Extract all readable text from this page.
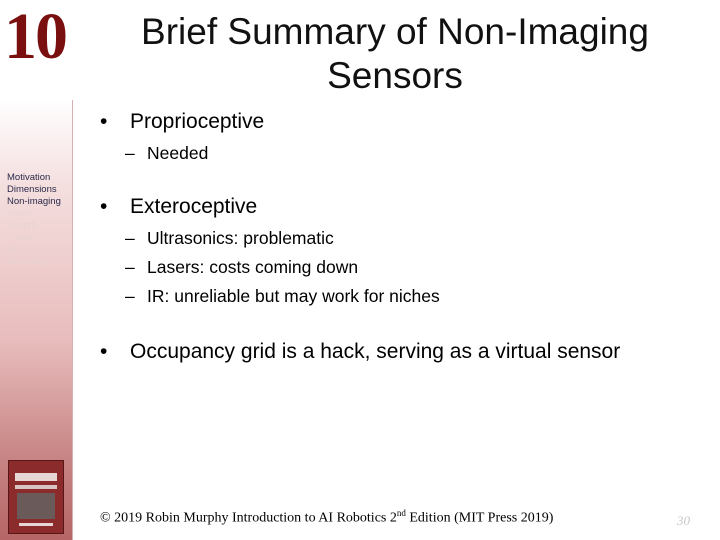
10
Motivation
Dimensions
Non-imaging
Vision
- depth
- cues
AI
Summary
Brief Summary of Non-Imaging Sensors
• Proprioceptive
– Needed
• Exteroceptive
– Ultrasonics: problematic
– Lasers: costs coming down
– IR: unreliable but may work for niches
• Occupancy grid is a hack, serving as a virtual sensor
© 2019 Robin Murphy Introduction to AI Robotics 2nd Edition (MIT Press 2019)	30
